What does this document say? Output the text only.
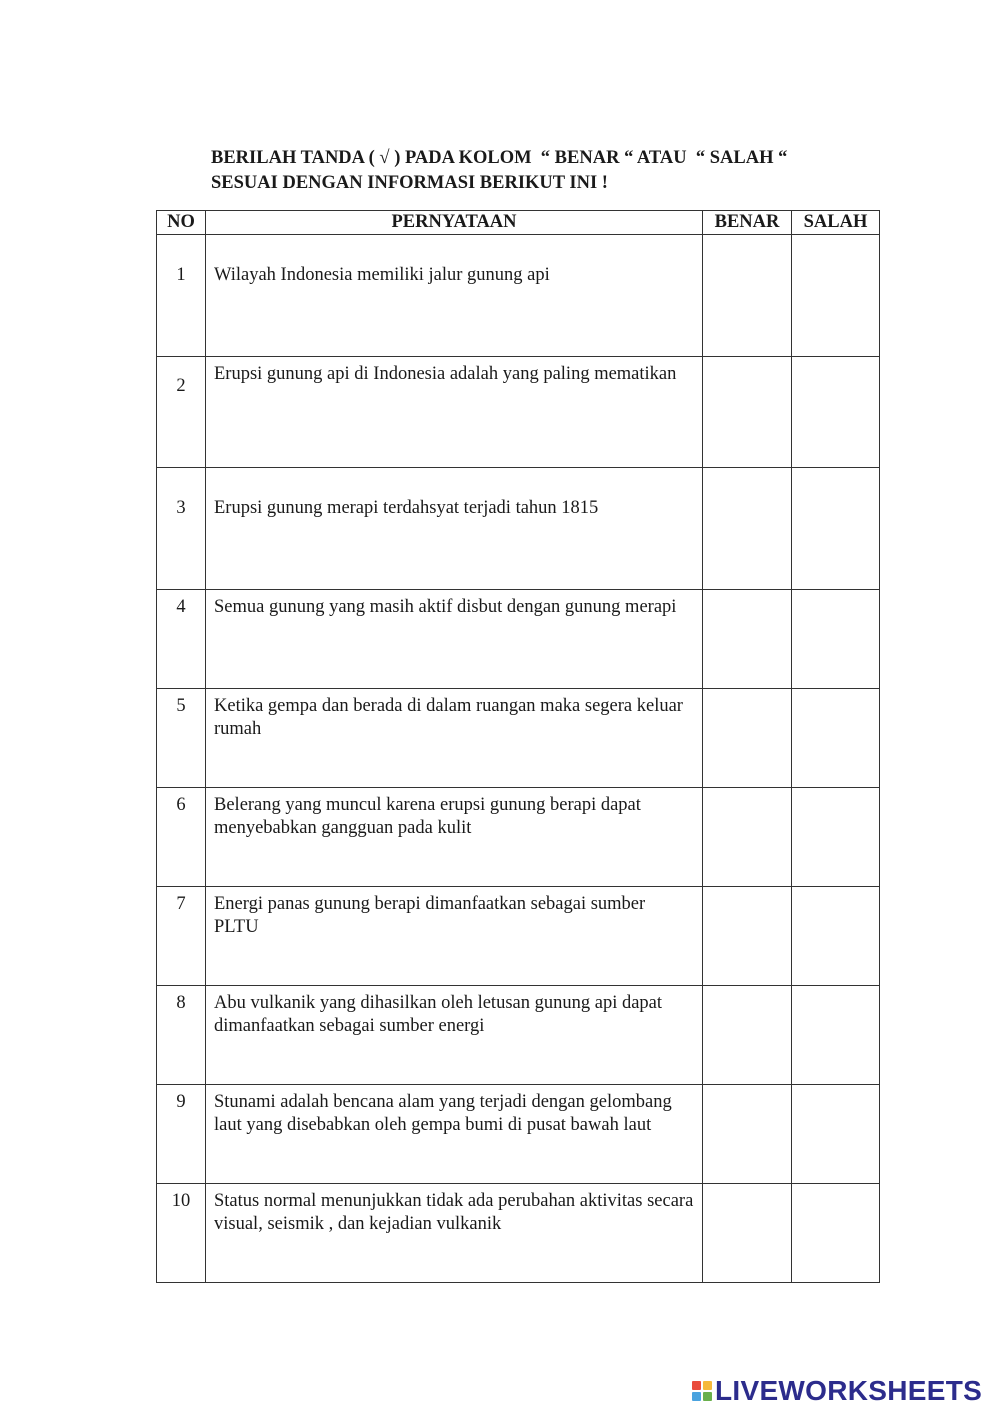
BERILAH TANDA ( √ ) PADA KOLOM  “ BENAR “ ATAU  “ SALAH “
SESUAI DENGAN INFORMASI BERIKUT INI !
NO	PERNYATAAN	BENAR	SALAH
1	Wilayah Indonesia memiliki jalur gunung api		
2	Erupsi gunung api di Indonesia adalah yang paling mematikan		
3	Erupsi gunung merapi terdahsyat terjadi tahun 1815		
4	Semua gunung yang masih aktif disbut dengan gunung merapi		
5	Ketika gempa dan berada di dalam ruangan maka segera keluar rumah		
6	Belerang yang muncul karena erupsi gunung berapi dapat menyebabkan gangguan pada kulit		
7	Energi panas gunung berapi dimanfaatkan sebagai sumber PLTU		
8	Abu vulkanik yang dihasilkan oleh letusan gunung api dapat dimanfaatkan sebagai sumber energi		
9	Stunami adalah bencana alam yang terjadi dengan gelombang laut yang disebabkan oleh gempa bumi di pusat bawah laut		
10	Status normal menunjukkan tidak ada perubahan aktivitas secara visual, seismik , dan kejadian vulkanik		
LIVEWORKSHEETS
